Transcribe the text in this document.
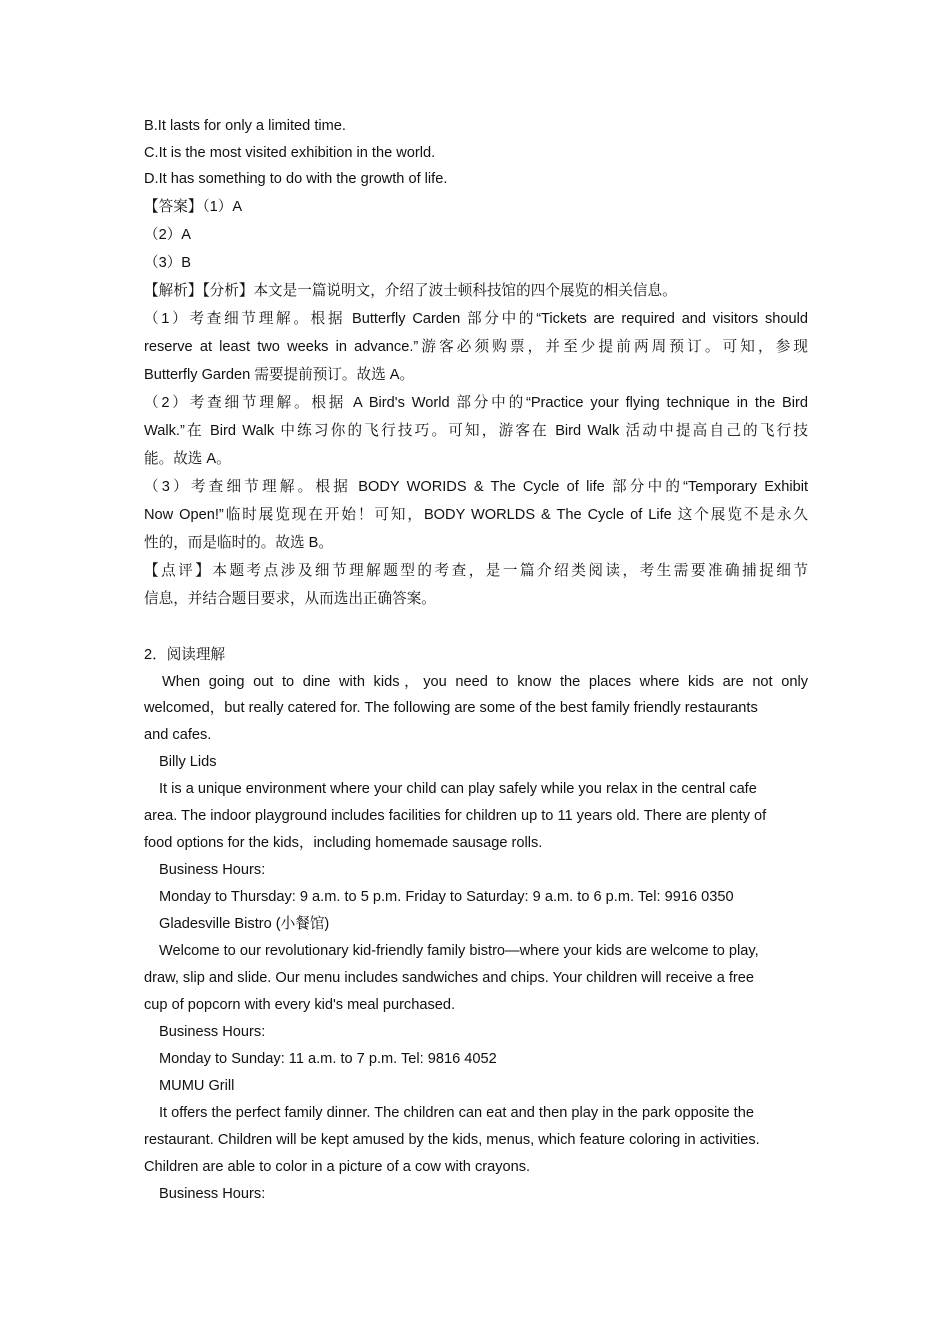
B.It lasts for only a limited time.

C.It is the most visited exhibition in the world.

D.It has something to do with the growth of life.

【答案】（1）A

（2）A

（3）B

【解析】【分析】本文是一篇说明文，介绍了波士顿科技馆的四个展览的相关信息。

（1）考查细节理解。根据 Butterfly Carden 部分中的“Tickets are required and visitors should

reserve at least two weeks in advance.”游客必须购票，并至少提前两周预订。可知，参现

Butterfly Garden 需要提前预订。故选 A。

（2）考查细节理解。根据 A Bird's World 部分中的“Practice your flying technique in the Bird

Walk.”在 Bird Walk 中练习你的飞行技巧。可知，游客在 Bird Walk 活动中提高自己的飞行技

能。故选 A。

（3）考查细节理解。根据 BODY WORIDS & The Cycle of life 部分中的“Temporary Exhibit

Now Open!”临时展览现在开始！可知，BODY WORLDS & The Cycle of Life 这个展览不是永久

性的，而是临时的。故选 B。

【点评】本题考点涉及细节理解题型的考查，是一篇介绍类阅读，考生需要准确捕捉细节

信息，并结合题目要求，从而选出正确答案。

2．阅读理解

When going out to dine with kids，you need to know the places where kids are not only

welcomed，but really catered for. The following are some of the best family friendly restaurants

and cafes.

Billy Lids

It is a unique environment where your child can play safely while you relax in the central cafe

area. The indoor playground includes facilities for children up to 11 years old. There are plenty of

food options for the kids，including homemade sausage rolls.

Business Hours:

Monday to Thursday: 9 a.m. to 5 p.m. Friday to Saturday: 9 a.m. to 6 p.m. Tel: 9916 0350

Gladesville Bistro (小餐馆)

Welcome to our revolutionary kid-friendly family bistro—where your kids are welcome to play,

draw, slip and slide. Our menu includes sandwiches and chips. Your children will receive a free

cup of popcorn with every kid's meal purchased.

Business Hours:

Monday to Sunday: 11 a.m. to 7 p.m. Tel: 9816 4052

MUMU Grill

It offers the perfect family dinner. The children can eat and then play in the park opposite the

restaurant. Children will be kept amused by the kids, menus, which feature coloring in activities.

Children are able to color in a picture of a cow with crayons.

Business Hours:
